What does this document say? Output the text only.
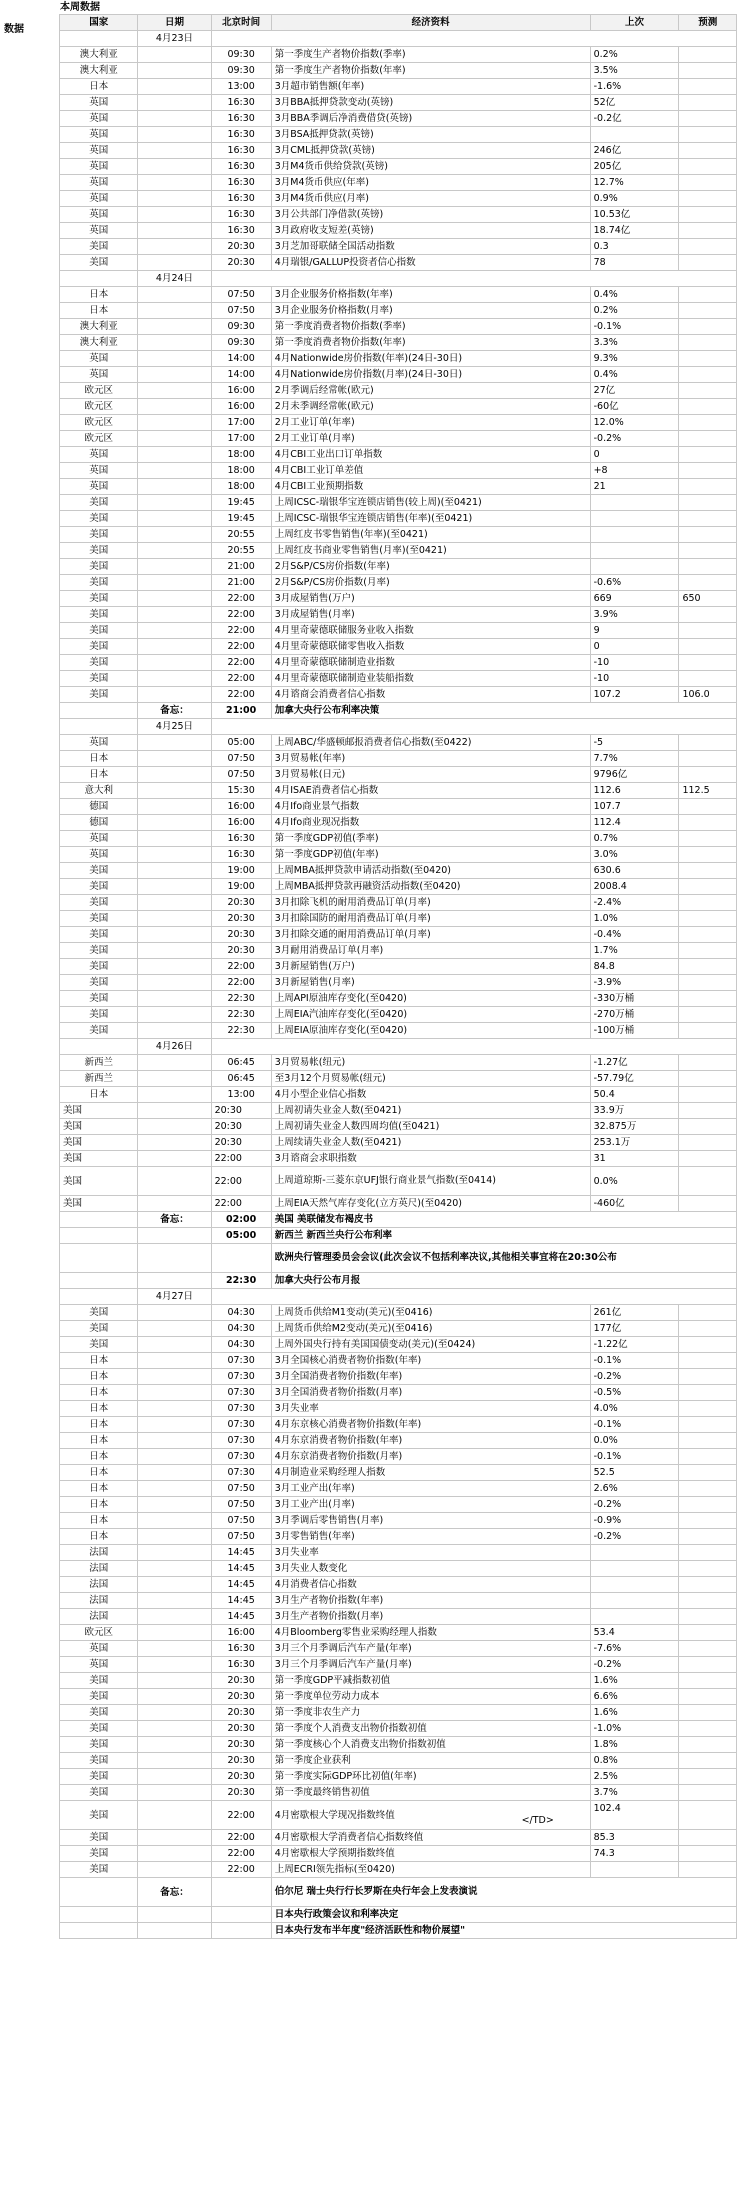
本周数据
数据
国家	日期	北京时间	经济资料	上次	预测
	4月23日				
澳大利亚		09:30	第一季度生产者物价指数(季率)	0.2%	
澳大利亚		09:30	第一季度生产者物价指数(年率)	3.5%	
日本		13:00	3月超市销售额(年率)	-1.6%	
英国		16:30	3月BBA抵押贷款变动(英镑)	52亿	
英国		16:30	3月BBA季调后净消费借贷(英镑)	-0.2亿	
英国		16:30	3月BSA抵押贷款(英镑)		
英国		16:30	3月CML抵押贷款(英镑)	246亿	
英国		16:30	3月M4货币供给贷款(英镑)	205亿	
英国		16:30	3月M4货币供应(年率)	12.7%	
英国		16:30	3月M4货币供应(月率)	0.9%	
英国		16:30	3月公共部门净借款(英镑)	10.53亿	
英国		16:30	3月政府收支短差(英镑)	18.74亿	
美国		20:30	3月芝加哥联储全国活动指数	0.3	
美国		20:30	4月瑞银/GALLUP投资者信心指数	78	
	4月24日				
日本		07:50	3月企业服务价格指数(年率)	0.4%	
日本		07:50	3月企业服务价格指数(月率)	0.2%	
澳大利亚		09:30	第一季度消费者物价指数(季率)	-0.1%	
澳大利亚		09:30	第一季度消费者物价指数(年率)	3.3%	
英国		14:00	4月Nationwide房价指数(年率)(24日-30日)	9.3%	
英国		14:00	4月Nationwide房价指数(月率)(24日-30日)	0.4%	
欧元区		16:00	2月季调后经常帐(欧元)	27亿	
欧元区		16:00	2月未季调经常帐(欧元)	-60亿	
欧元区		17:00	2月工业订单(年率)	12.0%	
欧元区		17:00	2月工业订单(月率)	-0.2%	
英国		18:00	4月CBI工业出口订单指数	0	
英国		18:00	4月CBI工业订单差值	+8	
英国		18:00	4月CBI工业预期指数	21	
美国		19:45	上周ICSC-瑞银华宝连锁店销售(较上周)(至0421)		
美国		19:45	上周ICSC-瑞银华宝连锁店销售(年率)(至0421)		
美国		20:55	上周红皮书零售销售(年率)(至0421)		
美国		20:55	上周红皮书商业零售销售(月率)(至0421)		
美国		21:00	2月S&P/CS房价指数(年率)		
美国		21:00	2月S&P/CS房价指数(月率)	-0.6%	
美国		22:00	3月成屋销售(万户)	669	650
美国		22:00	3月成屋销售(月率)	3.9%	
美国		22:00	4月里奇蒙德联储服务业收入指数	9	
美国		22:00	4月里奇蒙德联储零售收入指数	0	
美国		22:00	4月里奇蒙德联储制造业指数	-10	
美国		22:00	4月里奇蒙德联储制造业装船指数	-10	
美国		22:00	4月谘商会消费者信心指数	107.2	106.0
	备忘：	21:00	加拿大央行公布利率决策		
	4月25日				
英国		05:00	上周ABC/华盛顿邮报消费者信心指数(至0422)	-5	
日本		07:50	3月贸易帐(年率)	7.7%	
日本		07:50	3月贸易帐(日元)	9796亿	
意大利		15:30	4月ISAE消费者信心指数	112.6	112.5
德国		16:00	4月Ifo商业景气指数	107.7	
德国		16:00	4月Ifo商业现况指数	112.4	
英国		16:30	第一季度GDP初值(季率)	0.7%	
英国		16:30	第一季度GDP初值(年率)	3.0%	
美国		19:00	上周MBA抵押贷款申请活动指数(至0420)	630.6	
美国		19:00	上周MBA抵押贷款再融资活动指数(至0420)	2008.4	
美国		20:30	3月扣除飞机的耐用消费品订单(月率)	-2.4%	
美国		20:30	3月扣除国防的耐用消费品订单(月率)	1.0%	
美国		20:30	3月扣除交通的耐用消费品订单(月率)	-0.4%	
美国		20:30	3月耐用消费品订单(月率)	1.7%	
美国		22:00	3月新屋销售(万户)	84.8	
美国		22:00	3月新屋销售(月率)	-3.9%	
美国		22:30	上周API原油库存变化(至0420)	-330万桶	
美国		22:30	上周EIA汽油库存变化(至0420)	-270万桶	
美国		22:30	上周EIA原油库存变化(至0420)	-100万桶	
	4月26日				
新西兰		06:45	3月贸易帐(纽元)	-1.27亿	
新西兰		06:45	至3月12个月贸易帐(纽元)	-57.79亿	
日本		13:00	4月小型企业信心指数	50.4	
美国		20:30	上周初请失业金人数(至0421)	33.9万	
美国		20:30	上周初请失业金人数四周均值(至0421)	32.875万	
美国		20:30	上周续请失业金人数(至0421)	253.1万	
美国		22:00	3月谘商会求职指数	31	
美国		22:00	上周道琼斯-三菱东京UFJ银行商业景气指数(至0414)	0.0%	
美国		22:00	上周EIA天然气库存变化(立方英尺)(至0420)	-460亿	
	备忘：	02:00	美国 美联储发布褐皮书		
		05:00	新西兰 新西兰央行公布利率		
			欧洲央行管理委员会会议(此次会议不包括利率决议,其他相关事宜将在20:30公布		
		22:30	加拿大央行公布月报		
	4月27日				
美国		04:30	上周货币供给M1变动(美元)(至0416)	261亿	
美国		04:30	上周货币供给M2变动(美元)(至0416)	177亿	
美国		04:30	上周外国央行持有美国国债变动(美元)(至0424)	-1.22亿	
日本		07:30	3月全国核心消费者物价指数(年率)	-0.1%	
日本		07:30	3月全国消费者物价指数(年率)	-0.2%	
日本		07:30	3月全国消费者物价指数(月率)	-0.5%	
日本		07:30	3月失业率	4.0%	
日本		07:30	4月东京核心消费者物价指数(年率)	-0.1%	
日本		07:30	4月东京消费者物价指数(年率)	0.0%	
日本		07:30	4月东京消费者物价指数(月率)	-0.1%	
日本		07:30	4月制造业采购经理人指数	52.5	
日本		07:50	3月工业产出(年率)	2.6%	
日本		07:50	3月工业产出(月率)	-0.2%	
日本		07:50	3月季调后零售销售(月率)	-0.9%	
日本		07:50	3月零售销售(年率)	-0.2%	
法国		14:45	3月失业率		
法国		14:45	3月失业人数变化		
法国		14:45	4月消费者信心指数		
法国		14:45	3月生产者物价指数(年率)		
法国		14:45	3月生产者物价指数(月率)		
欧元区		16:00	4月Bloomberg零售业采购经理人指数	53.4	
英国		16:30	3月三个月季调后汽车产量(年率)	-7.6%	
英国		16:30	3月三个月季调后汽车产量(月率)	-0.2%	
美国		20:30	第一季度GDP平减指数初值	1.6%	
美国		20:30	第一季度单位劳动力成本	6.6%	
美国		20:30	第一季度非农生产力	1.6%	
美国		20:30	第一季度个人消费支出物价指数初值	-1.0%	
美国		20:30	第一季度核心个人消费支出物价指数初值	1.8%	
美国		20:30	第一季度企业获利	0.8%	
美国		20:30	第一季度实际GDP环比初值(年率)	2.5%	
美国		20:30	第一季度最终销售初值	3.7%	
美国		22:00	4月密歇根大学现况指数终值	102.4
</TD>	

美国		22:00	4月密歇根大学消费者信心指数终值	85.3	
美国		22:00	4月密歇根大学预期指数终值	74.3	
美国		22:00	上周ECRI领先指标(至0420)		
	备忘：		伯尔尼 瑞士央行行长罗斯在央行年会上发表演说		
			日本央行政策会议和利率决定		
			日本央行发布半年度"经济活跃性和物价展望"		
